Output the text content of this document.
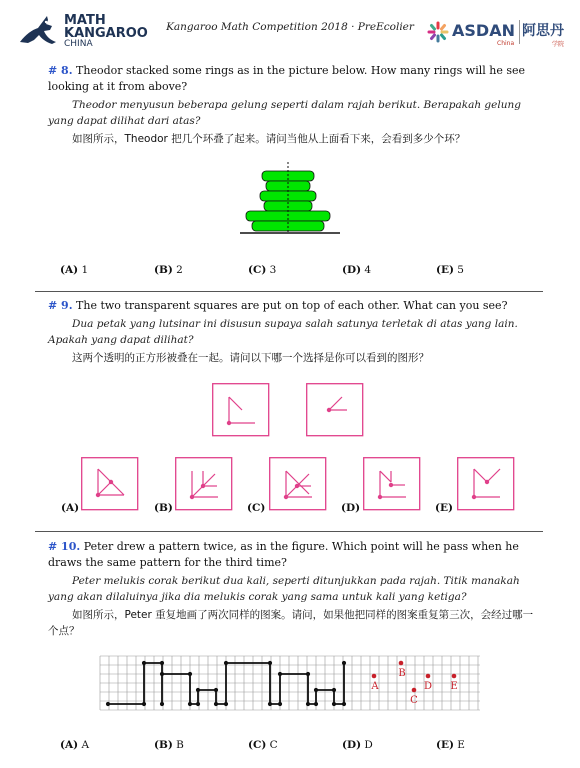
MATH
KANGAROO
CHINA
Kangaroo Math Competition 2018 · PreEcolier	ASDAN
China
阿思丹
学院
# 8. Theodor stacked some rings as in the picture below. How many rings will he see looking at it from above?
Theodor menyusun beberapa gelung seperti dalam rajah berikut. Berapakah gelung yang dapat dilihat dari atas?
如图所示，Theodor 把几个环叠了起来。请问当他从上面看下来，会看到多少个环？
(A) 1	(B) 2	(C) 3	(D) 4	(E) 5
# 9. The two transparent squares are put on top of each other. What can you see?
Dua petak yang lutsinar ini disusun supaya salah satunya terletak di atas yang lain. Apakah yang dapat dilihat?
这两个透明的正方形被叠在一起。请问以下哪一个选择是你可以看到的图形？
(A)	(B)	(C)	(D)	(E)
# 10. Peter drew a pattern twice, as in the figure. Which point will he pass when he draws the same pattern for the third time?
Peter melukis corak berikut dua kali, seperti ditunjukkan pada rajah. Titik manakah yang akan dilaluinya jika dia melukis corak yang sama untuk kali yang ketiga?
如图所示，Peter 重复地画了两次同样的图案。请问，如果他把同样的图案重复第三次，会经过哪一个点？
A
B
C
D E
(A) A	(B) B	(C) C	(D) D	(E) E
